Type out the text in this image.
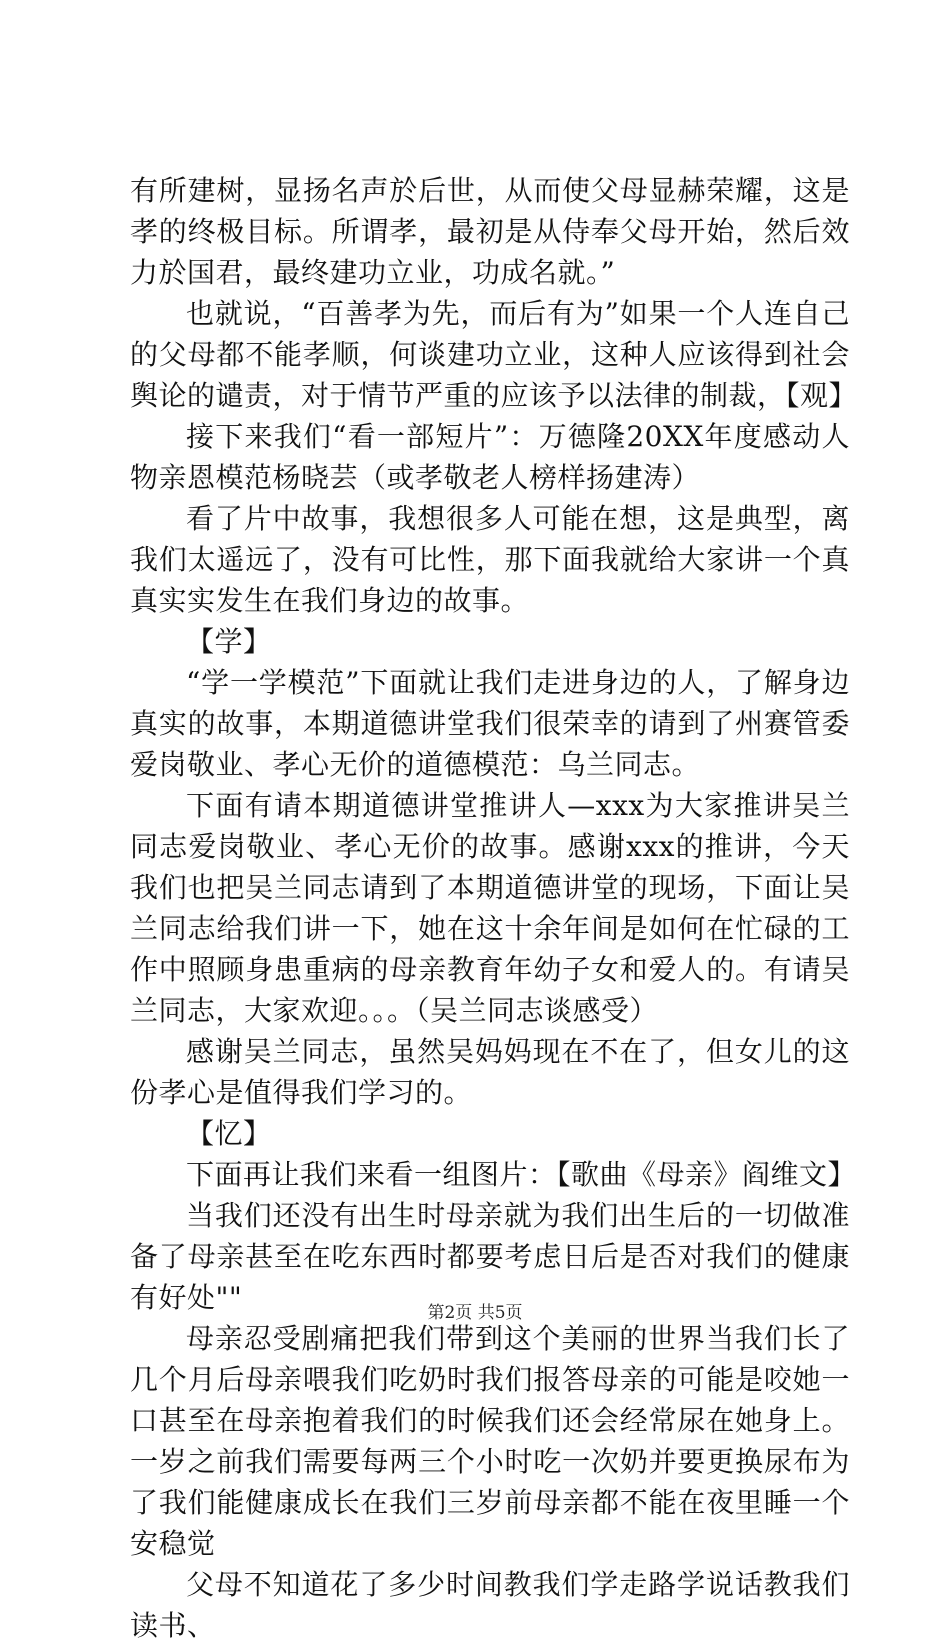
有所建树，显扬名声於后世，从而使父母显赫荣耀，这是孝的终极目标。所谓孝，最初是从侍奉父母开始，然后效力於国君，最终建功立业，功成名就。”

也就说，“百善孝为先，而后有为”如果一个人连自己的父母都不能孝顺，何谈建功立业，这种人应该得到社会舆论的谴责，对于情节严重的应该予以法律的制裁，【观】

接下来我们“看一部短片”：万德隆20XX年度感动人物亲恩模范杨晓芸（或孝敬老人榜样扬建涛）

看了片中故事，我想很多人可能在想，这是典型，离我们太遥远了，没有可比性，那下面我就给大家讲一个真真实实发生在我们身边的故事。

【学】

“学一学模范”下面就让我们走进身边的人，了解身边真实的故事，本期道德讲堂我们很荣幸的请到了州赛管委爱岗敬业、孝心无价的道德模范：乌兰同志。

下面有请本期道德讲堂推讲人—xxx为大家推讲吴兰同志爱岗敬业、孝心无价的故事。感谢xxx的推讲，今天我们也把吴兰同志请到了本期道德讲堂的现场，下面让吴兰同志给我们讲一下，她在这十余年间是如何在忙碌的工作中照顾身患重病的母亲教育年幼子女和爱人的。有请吴兰同志，大家欢迎。。。（吴兰同志谈感受）

感谢吴兰同志，虽然吴妈妈现在不在了，但女儿的这份孝心是值得我们学习的。

【忆】

下面再让我们来看一组图片：【歌曲《母亲》阎维文】

当我们还没有出生时母亲就为我们出生后的一切做准备了母亲甚至在吃东西时都要考虑日后是否对我们的健康有好处""

母亲忍受剧痛把我们带到这个美丽的世界当我们长了几个月后母亲喂我们吃奶时我们报答母亲的可能是咬她一口甚至在母亲抱着我们的时候我们还会经常尿在她身上。一岁之前我们需要每两三个小时吃一次奶并要更换尿布为了我们能健康成长在我们三岁前母亲都不能在夜里睡一个安稳觉

父母不知道花了多少时间教我们学走路学说话教我们读书、

第2页 共5页
